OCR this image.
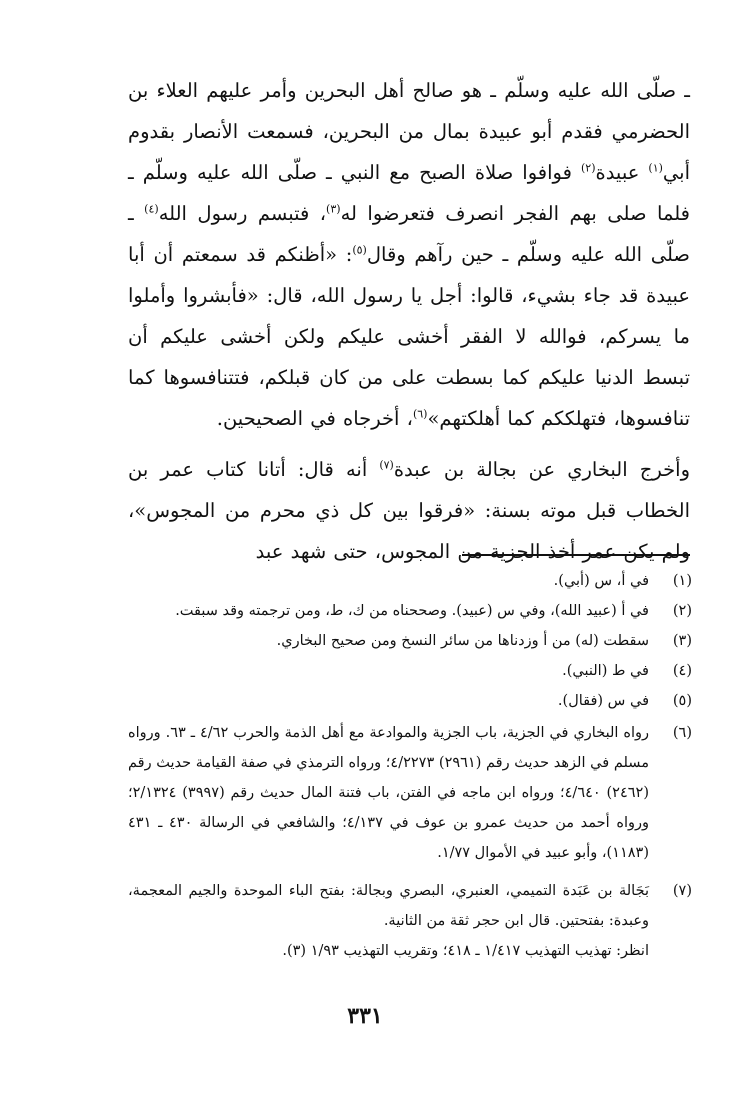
ـ صلّى الله عليه وسلّم ـ هو صالح أهل البحرين وأمر عليهم العلاء بن الحضرمي فقدم أبو عبيدة بمال من البحرين، فسمعت الأنصار بقدوم أبي$^{(١)}$ عبيدة$^{(٢)}$ فوافوا صلاة الصبح مع النبي ـ صلّى الله عليه وسلّم ـ فلما صلى بهم الفجر انصرف فتعرضوا له$^{(٣)}$، فتبسم رسول الله$^{(٤)}$ ـ صلّى الله عليه وسلّم ـ حين رآهم وقال$^{(٥)}$: «أظنكم قد سمعتم أن أبا عبيدة قد جاء بشيء، قالوا: أجل يا رسول الله، قال: «فأبشروا وأملوا ما يسركم، فوالله لا الفقر أخشى عليكم ولكن أخشى عليكم أن تبسط الدنيا عليكم كما بسطت على من كان قبلكم، فتتنافسوها كما تنافسوها، فتهلككم كما أهلكتهم»$^{(٦)}$، أخرجاه في الصحيحين.

وأخرج البخاري عن بجالة بن عبدة$^{(٧)}$ أنه قال: أتانا كتاب عمر بن الخطاب قبل موته بسنة: «فرقوا بين كل ذي محرم من المجوس»، ولم يكن عمر أخذ الجزية من المجوس، حتى شهد عبد

(١)
في أ، س (أبي).
(٢)
في أ (عبيد الله)، وفي س (عبيد). وصححناه من ك، ط، ومن ترجمته وقد سبقت.
(٣)
سقطت (له) من أ وزدناها من سائر النسخ ومن صحيح البخاري.
(٤)
في ط (النبي).
(٥)
في س (فقال).
(٦)
رواه البخاري في الجزية، باب الجزية والموادعة مع أهل الذمة والحرب ٤/٦٢ ـ ٦٣. ورواه مسلم في الزهد حديث رقم (٢٩٦١) ٤/٢٢٧٣؛ ورواه الترمذي في صفة القيامة حديث رقم (٢٤٦٢) ٤/٦٤٠؛ ورواه ابن ماجه في الفتن، باب فتنة المال حديث رقم (٣٩٩٧) ٢/١٣٢٤؛ ورواه أحمد من حديث عمرو بن عوف في ٤/١٣٧؛ والشافعي في الرسالة ٤٣٠ ـ ٤٣١ (١١٨٣)، وأبو عبيد في الأموال ١/٧٧.
(٧)
بَجَالة بن عَبَدة التميمي، العنبري، البصري وبجالة: بفتح الباء الموحدة والجيم المعجمة، وعبدة: بفتحتين. قال ابن حجر ثقة من الثانية.
انظر: تهذيب التهذيب ١/٤١٧ ـ ٤١٨؛ وتقريب التهذيب ١/٩٣ (٣).
٣٣١
